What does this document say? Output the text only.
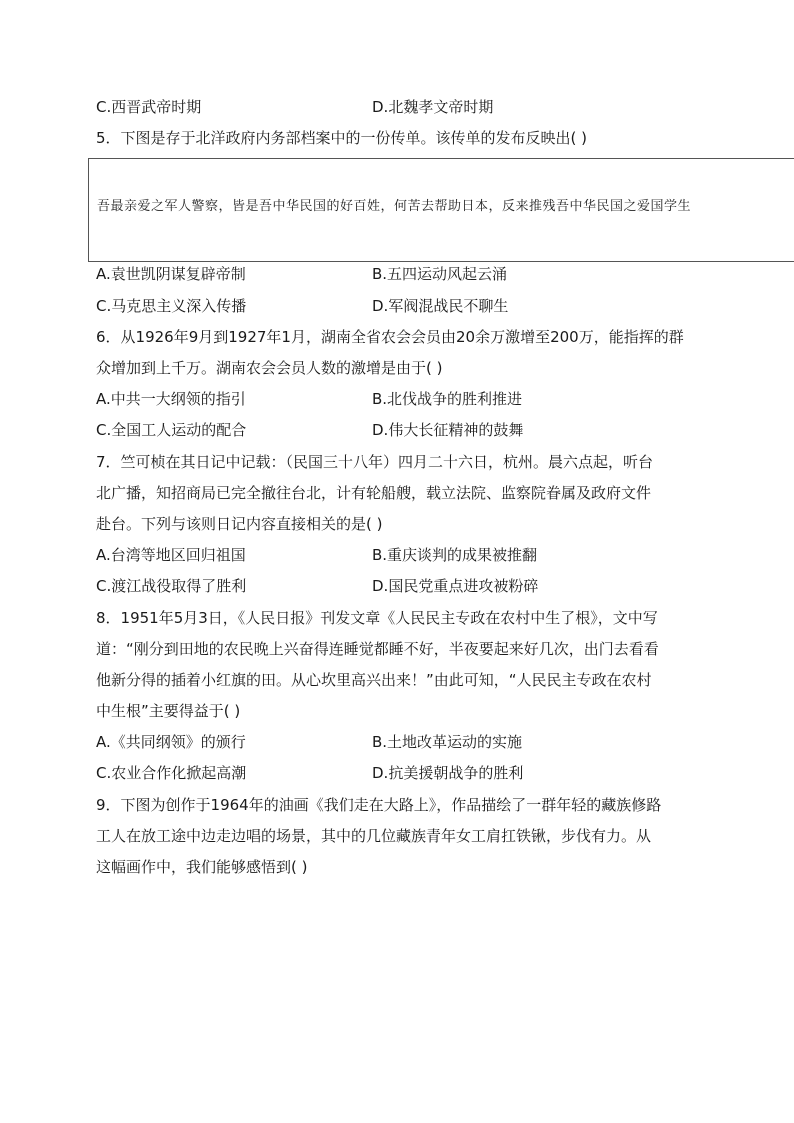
C.西晋武帝时期	D.北魏孝文帝时期
5．下图是存于北洋政府内务部档案中的一份传单。该传单的发布反映出( )
吾最亲爱之军人警察，皆是吾中华民国的好百姓，何苦去帮助日本，反来推残吾中华民国之爱国学生
A.袁世凯阴谋复辟帝制	B.五四运动风起云涌
C.马克思主义深入传播	D.军阀混战民不聊生
6．从1926年9月到1927年1月，湖南全省农会会员由20余万激增至200万，能指挥的群
众增加到上千万。湖南农会会员人数的激增是由于( )
A.中共一大纲领的指引	B.北伐战争的胜利推进
C.全国工人运动的配合	D.伟大长征精神的鼓舞
7．竺可桢在其日记中记载：（民国三十八年）四月二十六日，杭州。晨六点起，听台
北广播，知招商局已完全撤往台北，计有轮船艘，载立法院、监察院眷属及政府文件
赴台。下列与该则日记内容直接相关的是( )
A.台湾等地区回归祖国	B.重庆谈判的成果被推翻
C.渡江战役取得了胜利	D.国民党重点进攻被粉碎
8．1951年5月3日，《人民日报》刊发文章《人民民主专政在农村中生了根》，文中写
道：“刚分到田地的农民晚上兴奋得连睡觉都睡不好，半夜要起来好几次，出门去看看
他新分得的插着小红旗的田。从心坎里高兴出来！”由此可知，“人民民主专政在农村
中生根”主要得益于( )
A.《共同纲领》的颁行	B.土地改革运动的实施
C.农业合作化掀起高潮	D.抗美援朝战争的胜利
9．下图为创作于1964年的油画《我们走在大路上》，作品描绘了一群年轻的藏族修路
工人在放工途中边走边唱的场景，其中的几位藏族青年女工肩扛铁锹，步伐有力。从
这幅画作中，我们能够感悟到( )
